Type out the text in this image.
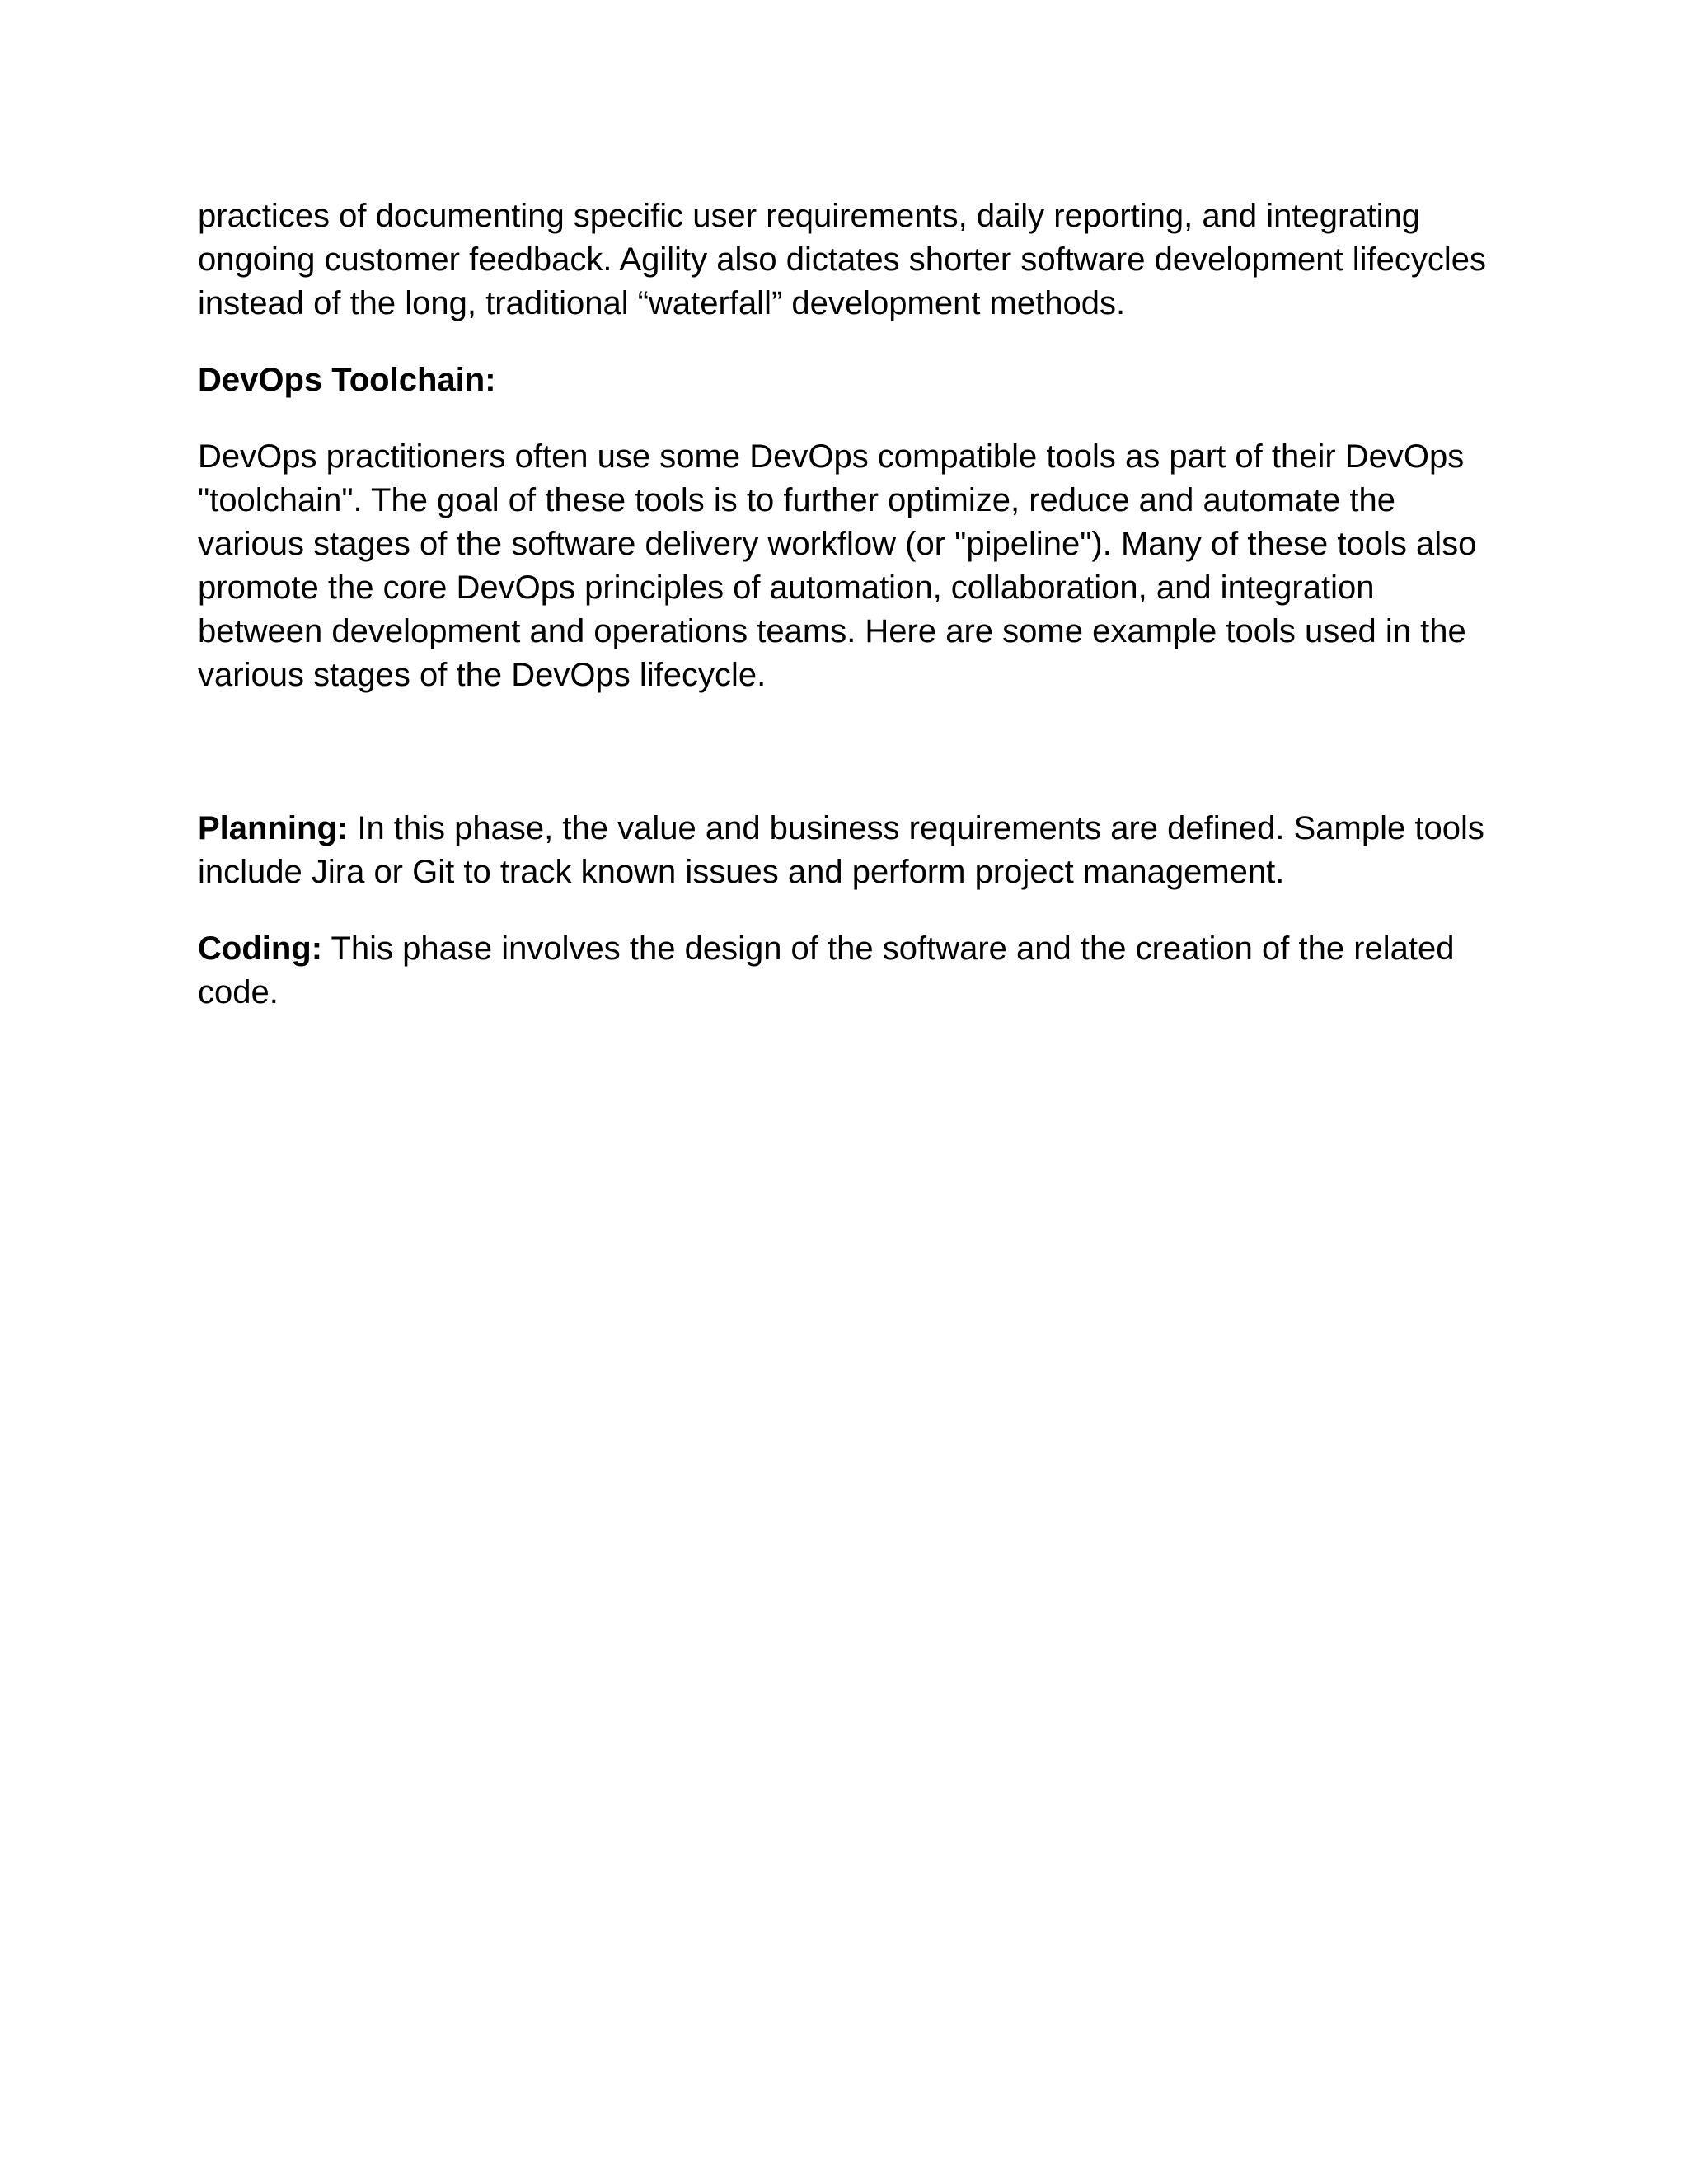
practices of documenting specific user requirements, daily reporting, and integrating ongoing customer feedback. Agility also dictates shorter software development lifecycles instead of the long, traditional “waterfall” development methods.

DevOps Toolchain:

DevOps practitioners often use some DevOps compatible tools as part of their DevOps "toolchain". The goal of these tools is to further optimize, reduce and automate the various stages of the software delivery workflow (or "pipeline"). Many of these tools also promote the core DevOps principles of automation, collaboration, and integration between development and operations teams. Here are some example tools used in the various stages of the DevOps lifecycle.

Planning: In this phase, the value and business requirements are defined. Sample tools include Jira or Git to track known issues and perform project management.

Coding: This phase involves the design of the software and the creation of the related code.
